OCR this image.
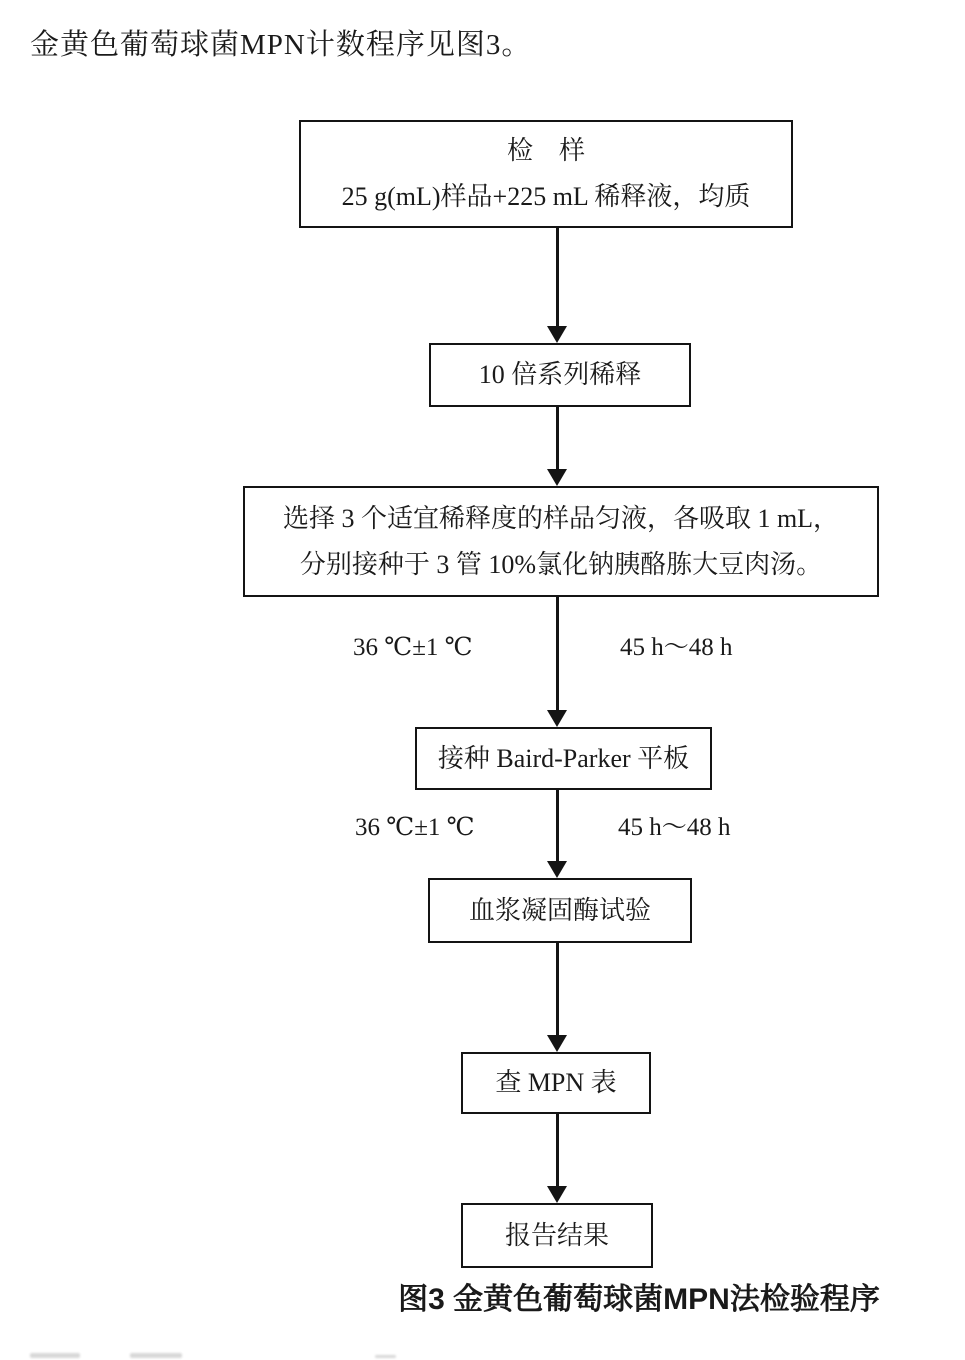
金黄色葡萄球菌MPN计数程序见图3。
检　样
25 g(mL)样品+225 mL 稀释液，均质
10 倍系列稀释
选择 3 个适宜稀释度的样品匀液，各吸取 1 mL，
分别接种于 3 管 10%氯化钠胰酪胨大豆肉汤。
36 ℃±1 ℃	45 h～48 h
接种 Baird-Parker 平板
36 ℃±1 ℃	45 h～48 h
血浆凝固酶试验
查 MPN 表
报告结果
图3 金黄色葡萄球菌MPN法检验程序
